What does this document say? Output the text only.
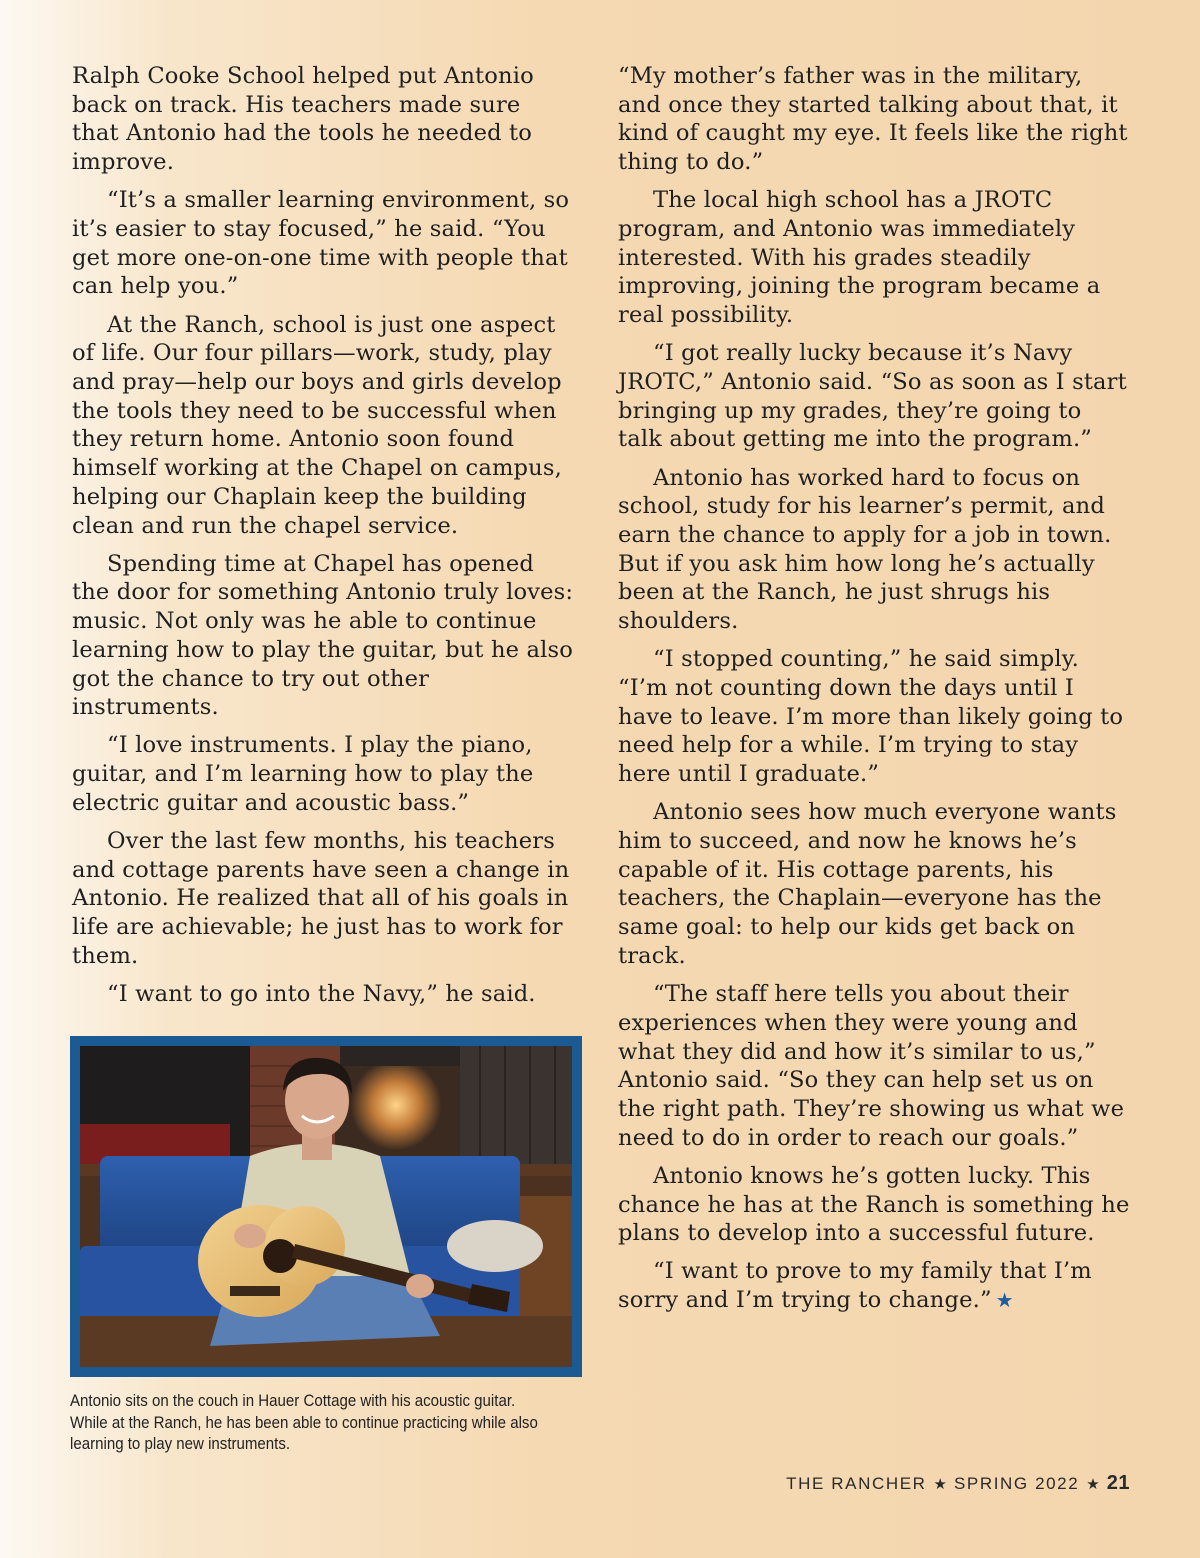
Ralph Cooke School helped put Antonio back on track. His teachers made sure that Antonio had the tools he needed to improve.

“It’s a smaller learning environment, so it’s easier to stay focused,” he said. “You get more one-on-one time with people that can help you.”

At the Ranch, school is just one aspect of life. Our four pillars—work, study, play and pray—help our boys and girls develop the tools they need to be successful when they return home. Antonio soon found himself working at the Chapel on campus, helping our Chaplain keep the building clean and run the chapel service.

Spending time at Chapel has opened the door for something Antonio truly loves: music. Not only was he able to continue learning how to play the guitar, but he also got the chance to try out other instruments.

“I love instruments. I play the piano, guitar, and I’m learning how to play the electric guitar and acoustic bass.”

Over the last few months, his teachers and cottage parents have seen a change in Antonio. He realized that all of his goals in life are achievable; he just has to work for them.

“I want to go into the Navy,” he said.

“My mother’s father was in the military, and once they started talking about that, it kind of caught my eye. It feels like the right thing to do.”

The local high school has a JROTC program, and Antonio was immediately interested. With his grades steadily improving, joining the program became a real possibility.

“I got really lucky because it’s Navy JROTC,” Antonio said. “So as soon as I start bringing up my grades, they’re going to talk about getting me into the program.”

Antonio has worked hard to focus on school, study for his learner’s permit, and earn the chance to apply for a job in town. But if you ask him how long he’s actually been at the Ranch, he just shrugs his shoulders.

“I stopped counting,” he said simply. “I’m not counting down the days until I have to leave. I’m more than likely going to need help for a while. I’m trying to stay here until I graduate.”

Antonio sees how much everyone wants him to succeed, and now he knows he’s capable of it. His cottage parents, his teachers, the Chaplain—everyone has the same goal: to help our kids get back on track.

“The staff here tells you about their experiences when they were young and what they did and how it’s similar to us,” Antonio said. “So they can help set us on the right path. They’re showing us what we need to do in order to reach our goals.”

Antonio knows he’s gotten lucky. This chance he has at the Ranch is something he plans to develop into a successful future.

“I want to prove to my family that I’m sorry and I’m trying to change.” ★

Antonio sits on the couch in Hauer Cottage with his acoustic guitar. While at the Ranch, he has been able to continue practicing while also learning to play new instruments.
THE RANCHER ★ SPRING 2022 ★ 21
